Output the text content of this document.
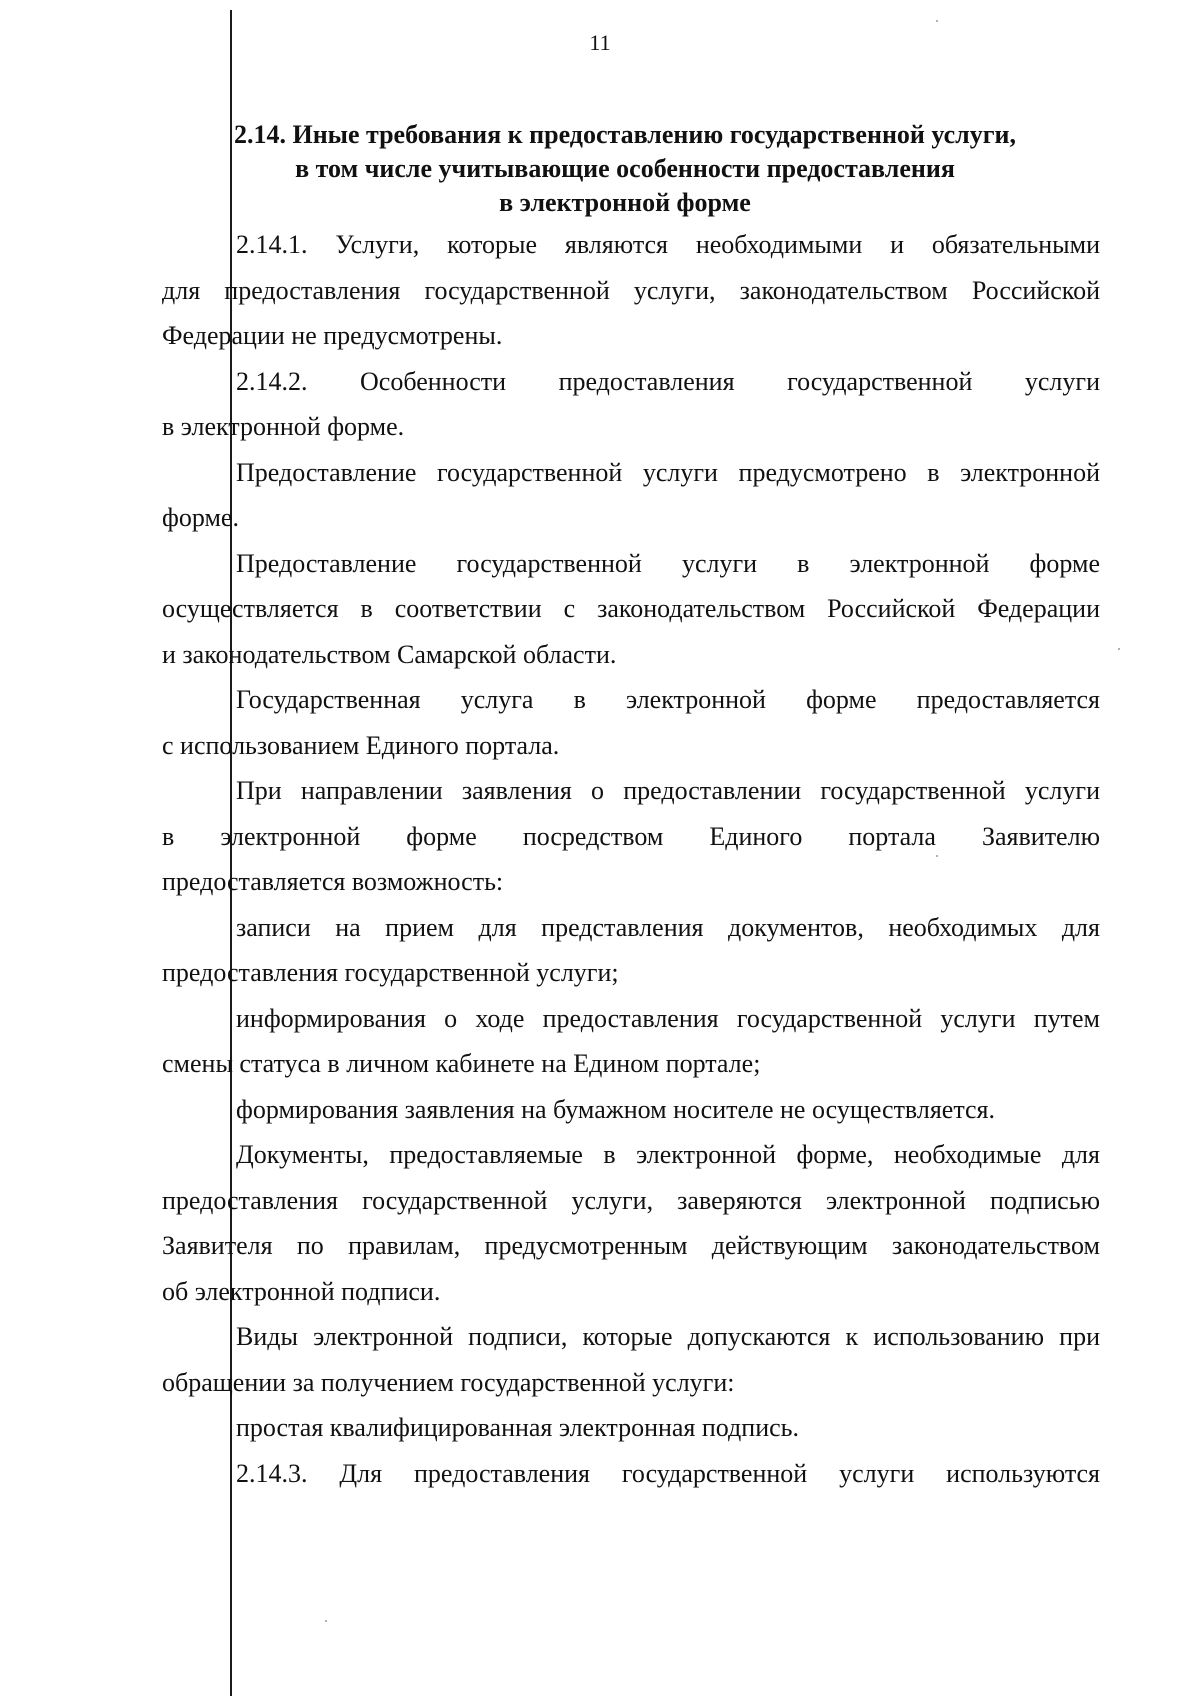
11
2.14. Иные требования к предоставлению государственной услуги,
в том числе учитывающие особенности предоставления
в электронной форме
2.14.1. Услуги, которые являются необходимыми и обязательными
для предоставления государственной услуги, законодательством Российской
Федерации не предусмотрены.
2.14.2. Особенности предоставления государственной услуги
в электронной форме.
Предоставление государственной услуги предусмотрено в электронной
форме.
Предоставление государственной услуги в электронной форме
осуществляется в соответствии с законодательством Российской Федерации
и законодательством Самарской области.
Государственная услуга в электронной форме предоставляется
с использованием Единого портала.
При направлении заявления о предоставлении государственной услуги
в электронной форме посредством Единого портала Заявителю
предоставляется возможность:
записи на прием для представления документов, необходимых для
предоставления государственной услуги;
информирования о ходе предоставления государственной услуги путем
смены статуса в личном кабинете на Едином портале;
формирования заявления на бумажном носителе не осуществляется.
Документы, предоставляемые в электронной форме, необходимые для
предоставления государственной услуги, заверяются электронной подписью
Заявителя по правилам, предусмотренным действующим законодательством
об электронной подписи.
Виды электронной подписи, которые допускаются к использованию при
обращении за получением государственной услуги:
простая квалифицированная электронная подпись.
2.14.3. Для предоставления государственной услуги используются
